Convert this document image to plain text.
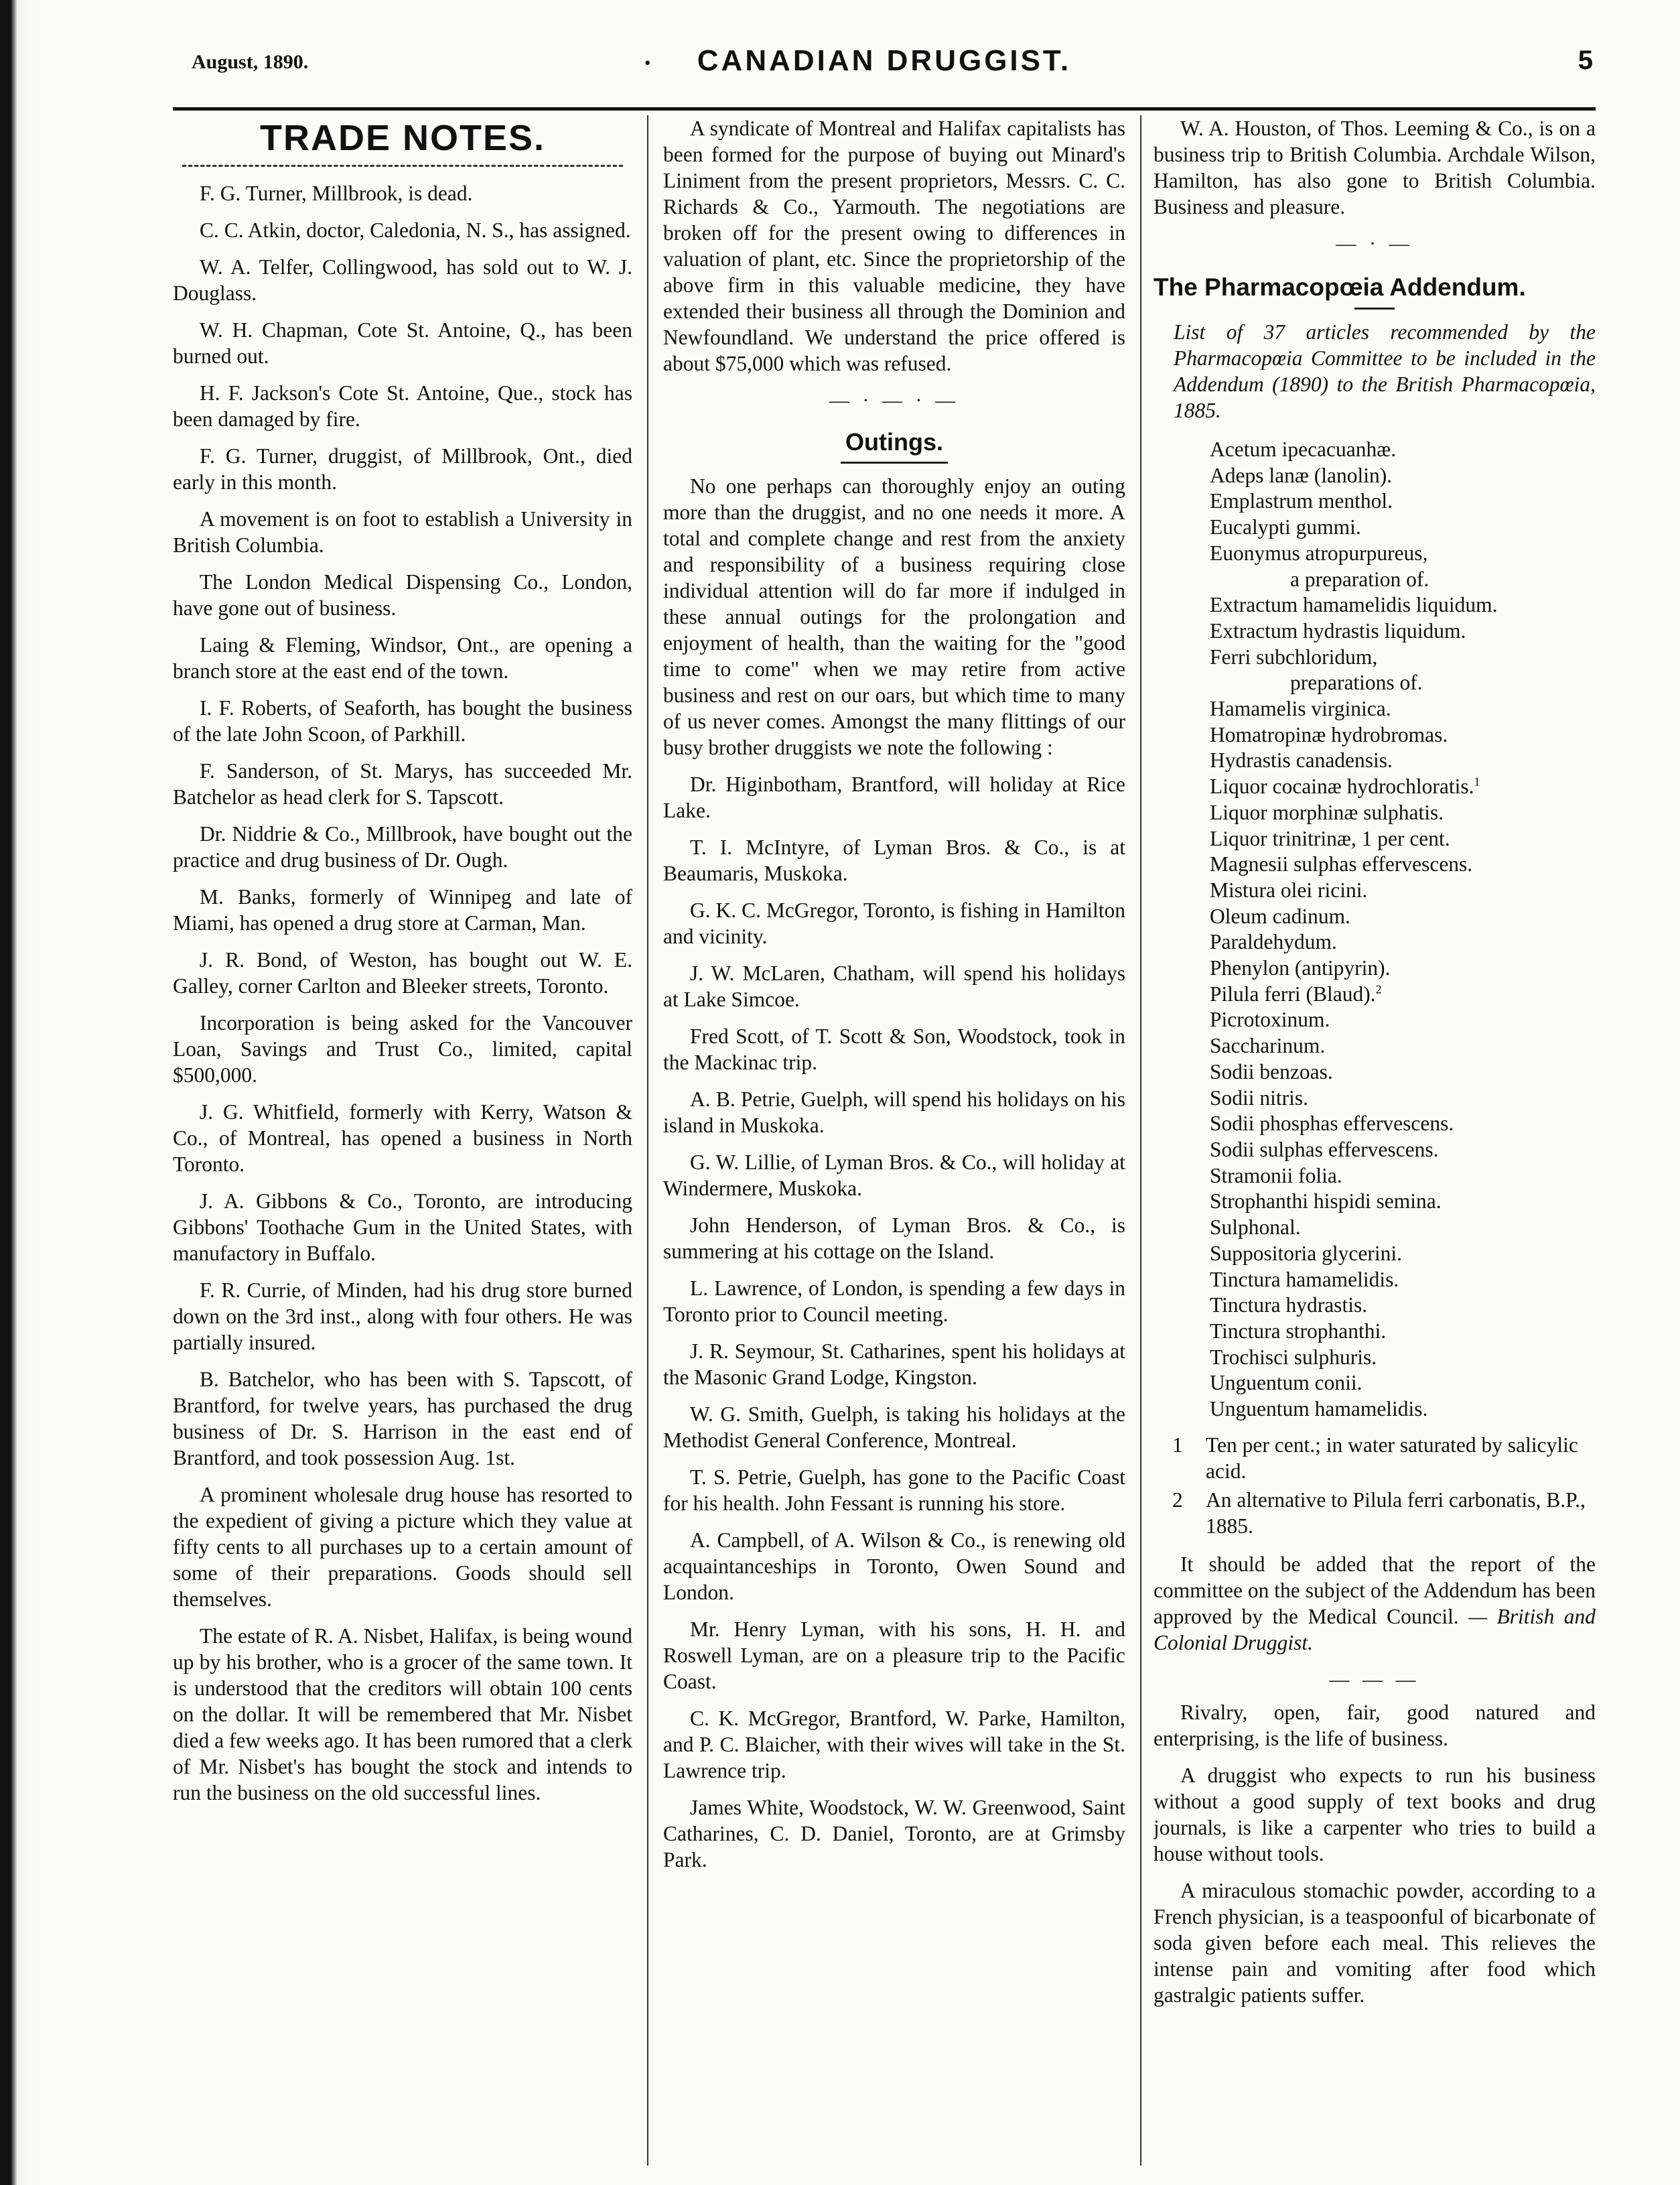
August, 1890.	·	CANADIAN DRUGGIST.	5
TRADE NOTES.

F. G. Turner, Millbrook, is dead.

C. C. Atkin, doctor, Caledonia, N. S., has assigned.

W. A. Telfer, Collingwood, has sold out to W. J. Douglass.

W. H. Chapman, Cote St. Antoine, Q., has been burned out.

H. F. Jackson's Cote St. Antoine, Que., stock has been damaged by fire.

F. G. Turner, druggist, of Millbrook, Ont., died early in this month.

A movement is on foot to establish a University in British Columbia.

The London Medical Dispensing Co., London, have gone out of business.

Laing & Fleming, Windsor, Ont., are opening a branch store at the east end of the town.

I. F. Roberts, of Seaforth, has bought the business of the late John Scoon, of Parkhill.

F. Sanderson, of St. Marys, has succeeded Mr. Batchelor as head clerk for S. Tapscott.

Dr. Niddrie & Co., Millbrook, have bought out the practice and drug business of Dr. Ough.

M. Banks, formerly of Winnipeg and late of Miami, has opened a drug store at Carman, Man.

J. R. Bond, of Weston, has bought out W. E. Galley, corner Carlton and Bleeker streets, Toronto.

Incorporation is being asked for the Vancouver Loan, Savings and Trust Co., limited, capital $500,000.

J. G. Whitfield, formerly with Kerry, Watson & Co., of Montreal, has opened a business in North Toronto.

J. A. Gibbons & Co., Toronto, are introducing Gibbons' Toothache Gum in the United States, with manufactory in Buffalo.

F. R. Currie, of Minden, had his drug store burned down on the 3rd inst., along with four others. He was partially insured.

B. Batchelor, who has been with S. Tapscott, of Brantford, for twelve years, has purchased the drug business of Dr. S. Harrison in the east end of Brantford, and took possession Aug. 1st.

A prominent wholesale drug house has resorted to the expedient of giving a picture which they value at fifty cents to all purchases up to a certain amount of some of their preparations. Goods should sell themselves.

The estate of R. A. Nisbet, Halifax, is being wound up by his brother, who is a grocer of the same town. It is understood that the creditors will obtain 100 cents on the dollar. It will be remembered that Mr. Nisbet died a few weeks ago. It has been rumored that a clerk of Mr. Nisbet's has bought the stock and intends to run the business on the old successful lines.

A syndicate of Montreal and Halifax capitalists has been formed for the purpose of buying out Minard's Liniment from the present proprietors, Messrs. C. C. Richards & Co., Yarmouth. The negotiations are broken off for the present owing to differences in valuation of plant, etc. Since the proprietorship of the above firm in this valuable medicine, they have extended their business all through the Dominion and Newfoundland. We understand the price offered is about $75,000 which was refused.

— · — · —
Outings.

No one perhaps can thoroughly enjoy an outing more than the druggist, and no one needs it more. A total and complete change and rest from the anxiety and responsibility of a business requiring close individual attention will do far more if indulged in these annual outings for the prolongation and enjoyment of health, than the waiting for the "good time to come" when we may retire from active business and rest on our oars, but which time to many of us never comes. Amongst the many flittings of our busy brother druggists we note the following :

Dr. Higinbotham, Brantford, will holiday at Rice Lake.

T. I. McIntyre, of Lyman Bros. & Co., is at Beaumaris, Muskoka.

G. K. C. McGregor, Toronto, is fishing in Hamilton and vicinity.

J. W. McLaren, Chatham, will spend his holidays at Lake Simcoe.

Fred Scott, of T. Scott & Son, Woodstock, took in the Mackinac trip.

A. B. Petrie, Guelph, will spend his holidays on his island in Muskoka.

G. W. Lillie, of Lyman Bros. & Co., will holiday at Windermere, Muskoka.

John Henderson, of Lyman Bros. & Co., is summering at his cottage on the Island.

L. Lawrence, of London, is spending a few days in Toronto prior to Council meeting.

J. R. Seymour, St. Catharines, spent his holidays at the Masonic Grand Lodge, Kingston.

W. G. Smith, Guelph, is taking his holidays at the Methodist General Conference, Montreal.

T. S. Petrie, Guelph, has gone to the Pacific Coast for his health. John Fessant is running his store.

A. Campbell, of A. Wilson & Co., is renewing old acquaintanceships in Toronto, Owen Sound and London.

Mr. Henry Lyman, with his sons, H. H. and Roswell Lyman, are on a pleasure trip to the Pacific Coast.

C. K. McGregor, Brantford, W. Parke, Hamilton, and P. C. Blaicher, with their wives will take in the St. Lawrence trip.

James White, Woodstock, W. W. Greenwood, Saint Catharines, C. D. Daniel, Toronto, are at Grimsby Park.

W. A. Houston, of Thos. Leeming & Co., is on a business trip to British Columbia. Archdale Wilson, Hamilton, has also gone to British Columbia. Business and pleasure.

— · —
The Pharmacopœia Addendum.

List of 37 articles recommended by the Pharmacopœia Committee to be included in the Addendum (1890) to the British Pharmacopœia, 1885.

Acetum ipecacuanhæ.
Adeps lanæ (lanolin).
Emplastrum menthol.
Eucalypti gummi.
Euonymus atropurpureus,
a preparation of.
Extractum hamamelidis liquidum.
Extractum hydrastis liquidum.
Ferri subchloridum,
preparations of.
Hamamelis virginica.
Homatropinæ hydrobromas.
Hydrastis canadensis.
Liquor cocainæ hydrochloratis.$^1$
Liquor morphinæ sulphatis.
Liquor trinitrinæ, 1 per cent.
Magnesii sulphas effervescens.
Mistura olei ricini.
Oleum cadinum.
Paraldehydum.
Phenylon (antipyrin).
Pilula ferri (Blaud).$^2$
Picrotoxinum.
Saccharinum.
Sodii benzoas.
Sodii nitris.
Sodii phosphas effervescens.
Sodii sulphas effervescens.
Stramonii folia.
Strophanthi hispidi semina.
Sulphonal.
Suppositoria glycerini.
Tinctura hamamelidis.
Tinctura hydrastis.
Tinctura strophanthi.
Trochisci sulphuris.
Unguentum conii.
Unguentum hamamelidis.
1 Ten per cent.; in water saturated by salicylic acid.
2 An alternative to Pilula ferri carbonatis, B.P., 1885.

It should be added that the report of the committee on the subject of the Addendum has been approved by the Medical Council. — British and Colonial Druggist.

— — —

Rivalry, open, fair, good natured and enterprising, is the life of business.

A druggist who expects to run his business without a good supply of text books and drug journals, is like a carpenter who tries to build a house without tools.

A miraculous stomachic powder, according to a French physician, is a teaspoonful of bicarbonate of soda given before each meal. This relieves the intense pain and vomiting after food which gastralgic patients suffer.
